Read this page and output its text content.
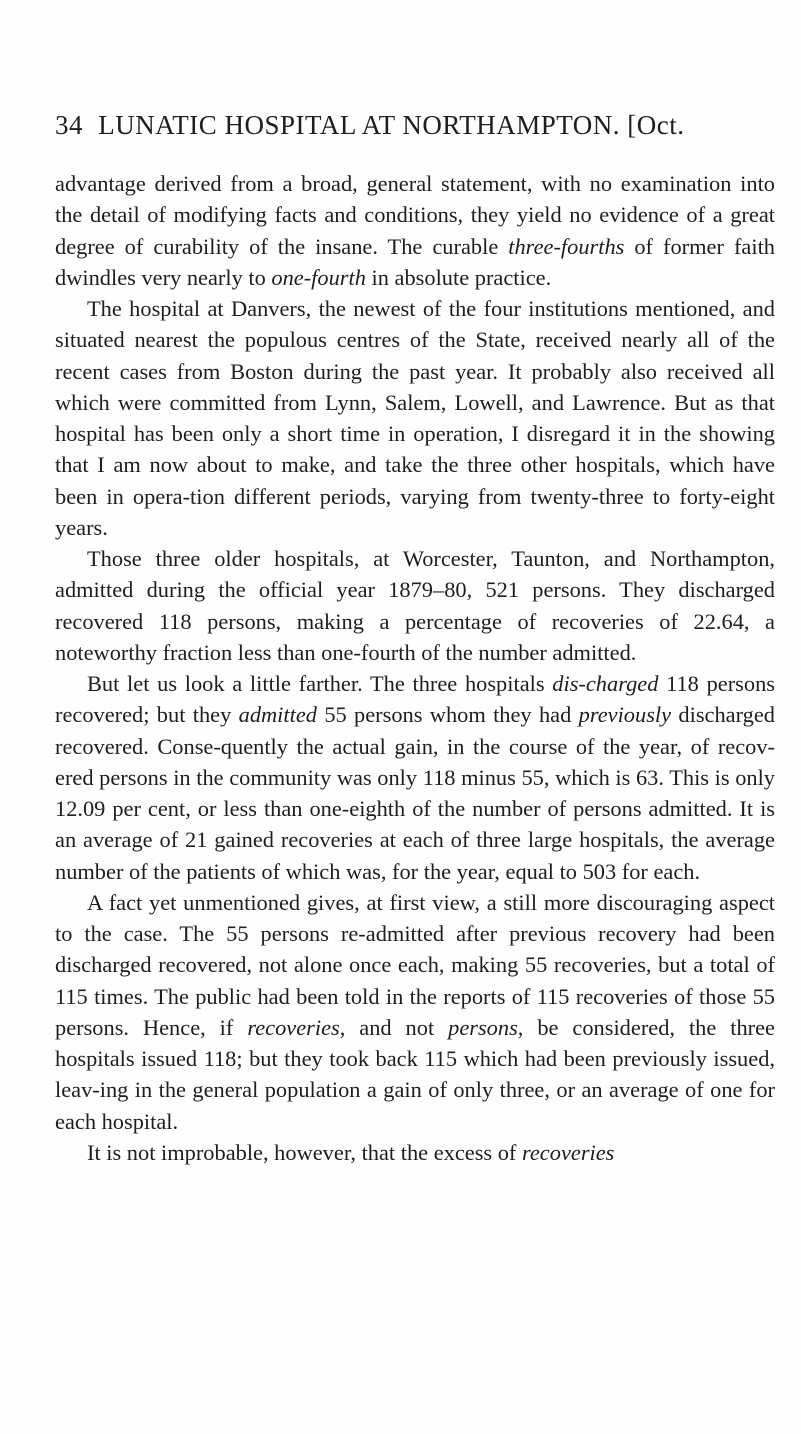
34 LUNATIC HOSPITAL AT NORTHAMPTON. [Oct.

advantage derived from a broad, general statement, with no examination into the detail of modifying facts and conditions, they yield no evidence of a great degree of curability of the insane. The curable three-fourths of former faith dwindles very nearly to one-fourth in absolute practice.

The hospital at Danvers, the newest of the four institutions mentioned, and situated nearest the populous centres of the State, received nearly all of the recent cases from Boston during the past year. It probably also received all which were committed from Lynn, Salem, Lowell, and Lawrence. But as that hospital has been only a short time in operation, I disregard it in the showing that I am now about to make, and take the three other hospitals, which have been in opera-tion different periods, varying from twenty-three to forty-eight years.

Those three older hospitals, at Worcester, Taunton, and Northampton, admitted during the official year 1879–80, 521 persons. They discharged recovered 118 persons, making a percentage of recoveries of 22.64, a noteworthy fraction less than one-fourth of the number admitted.

But let us look a little farther. The three hospitals dis-charged 118 persons recovered; but they admitted 55 persons whom they had previously discharged recovered. Conse-quently the actual gain, in the course of the year, of recov-ered persons in the community was only 118 minus 55, which is 63. This is only 12.09 per cent, or less than one-eighth of the number of persons admitted. It is an average of 21 gained recoveries at each of three large hospitals, the average number of the patients of which was, for the year, equal to 503 for each.

A fact yet unmentioned gives, at first view, a still more discouraging aspect to the case. The 55 persons re-admitted after previous recovery had been discharged recovered, not alone once each, making 55 recoveries, but a total of 115 times. The public had been told in the reports of 115 recoveries of those 55 persons. Hence, if recoveries, and not persons, be considered, the three hospitals issued 118; but they took back 115 which had been previously issued, leav-ing in the general population a gain of only three, or an average of one for each hospital.

It is not improbable, however, that the excess of recoveries
